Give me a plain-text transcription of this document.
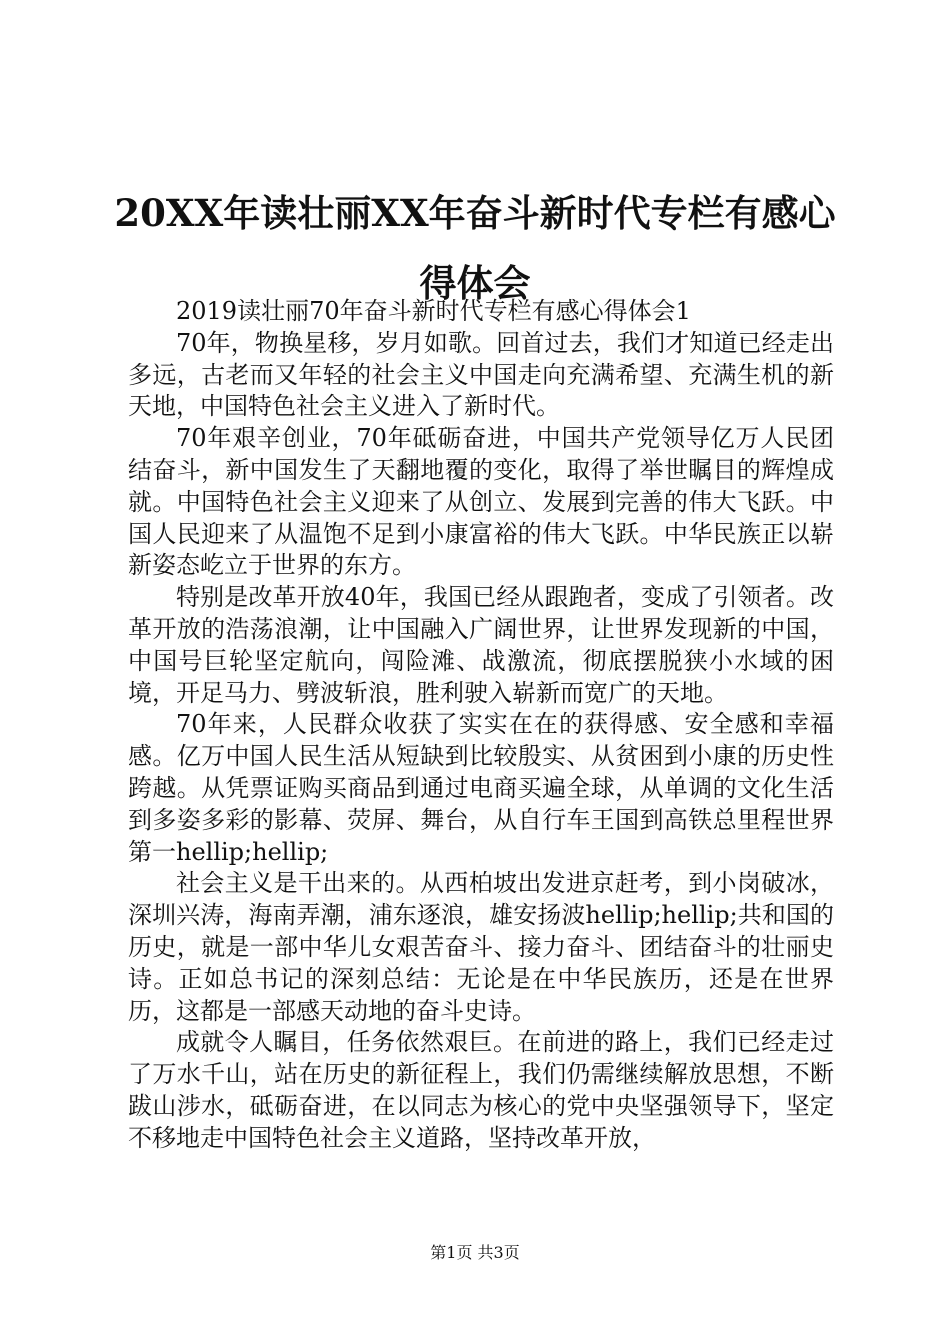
20XX年读壮丽XX年奋斗新时代专栏有感心得体会

2019读壮丽70年奋斗新时代专栏有感心得体会1

70年，物换星移，岁月如歌。回首过去，我们才知道已经走出多远，古老而又年轻的社会主义中国走向充满希望、充满生机的新天地，中国特色社会主义进入了新时代。

70年艰辛创业，70年砥砺奋进，中国共产党领导亿万人民团结奋斗，新中国发生了天翻地覆的变化，取得了举世瞩目的辉煌成就。中国特色社会主义迎来了从创立、发展到完善的伟大飞跃。中国人民迎来了从温饱不足到小康富裕的伟大飞跃。中华民族正以崭新姿态屹立于世界的东方。

特别是改革开放40年，我国已经从跟跑者，变成了引领者。改革开放的浩荡浪潮，让中国融入广阔世界，让世界发现新的中国，中国号巨轮坚定航向，闯险滩、战激流，彻底摆脱狭小水域的困境，开足马力、劈波斩浪，胜利驶入崭新而宽广的天地。

70年来，人民群众收获了实实在在的获得感、安全感和幸福感。亿万中国人民生活从短缺到比较殷实、从贫困到小康的历史性跨越。从凭票证购买商品到通过电商买遍全球，从单调的文化生活到多姿多彩的影幕、荧屏、舞台，从自行车王国到高铁总里程世界第一hellip;hellip;

社会主义是干出来的。从西柏坡出发进京赶考，到小岗破冰，深圳兴涛，海南弄潮，浦东逐浪，雄安扬波hellip;hellip;共和国的历史，就是一部中华儿女艰苦奋斗、接力奋斗、团结奋斗的壮丽史诗。正如总书记的深刻总结：无论是在中华民族历，还是在世界历，这都是一部感天动地的奋斗史诗。

成就令人瞩目，任务依然艰巨。在前进的路上，我们已经走过了万水千山，站在历史的新征程上，我们仍需继续解放思想，不断跋山涉水，砥砺奋进，在以同志为核心的党中央坚强领导下，坚定不移地走中国特色社会主义道路，坚持改革开放，

第1页 共3页
